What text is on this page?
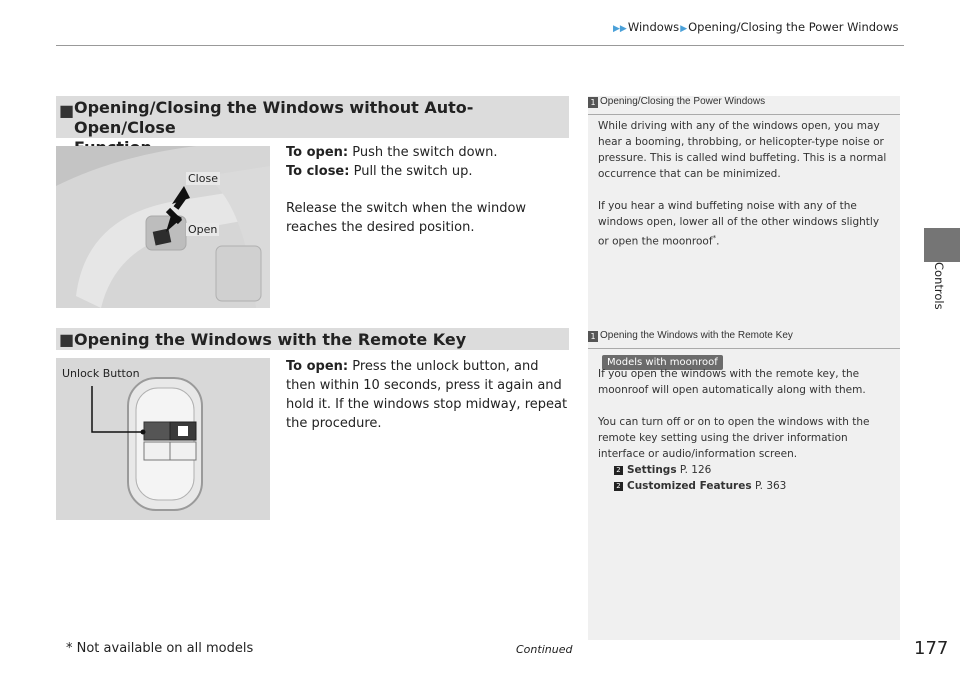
▶▶Windows▶Opening/Closing the Power Windows
Controls
■ Opening/Closing the Windows without Auto-Open/Close
Close
Open
To open: Push the switch down.
To close: Pull the switch up.
Release the switch when the window reaches the desired position.
■ Opening the Windows with the Remote Key
Unlock Button	To open: Press the unlock button, and then within 10 seconds, press it again and hold it. If the windows stop midway, repeat the procedure.
1 Opening/Closing the Power Windows
While driving with any of the windows open, you may hear a booming, throbbing, or helicopter-type noise or pressure. This is called wind buffeting. This is a normal occurrence that can be minimized.
If you hear a wind buffeting noise with any of the windows open, lower all of the other windows slightly or open the moonroof*.
1 Opening the Windows with the Remote Key
Models with moonroof
If you open the windows with the remote key, the moonroof will open automatically along with them.
You can turn off or on to open the windows with the remote key setting using the driver information interface or audio/information screen.
2 Settings P. 126
2 Customized Features P. 363
* Not available on all models	Continued	177
